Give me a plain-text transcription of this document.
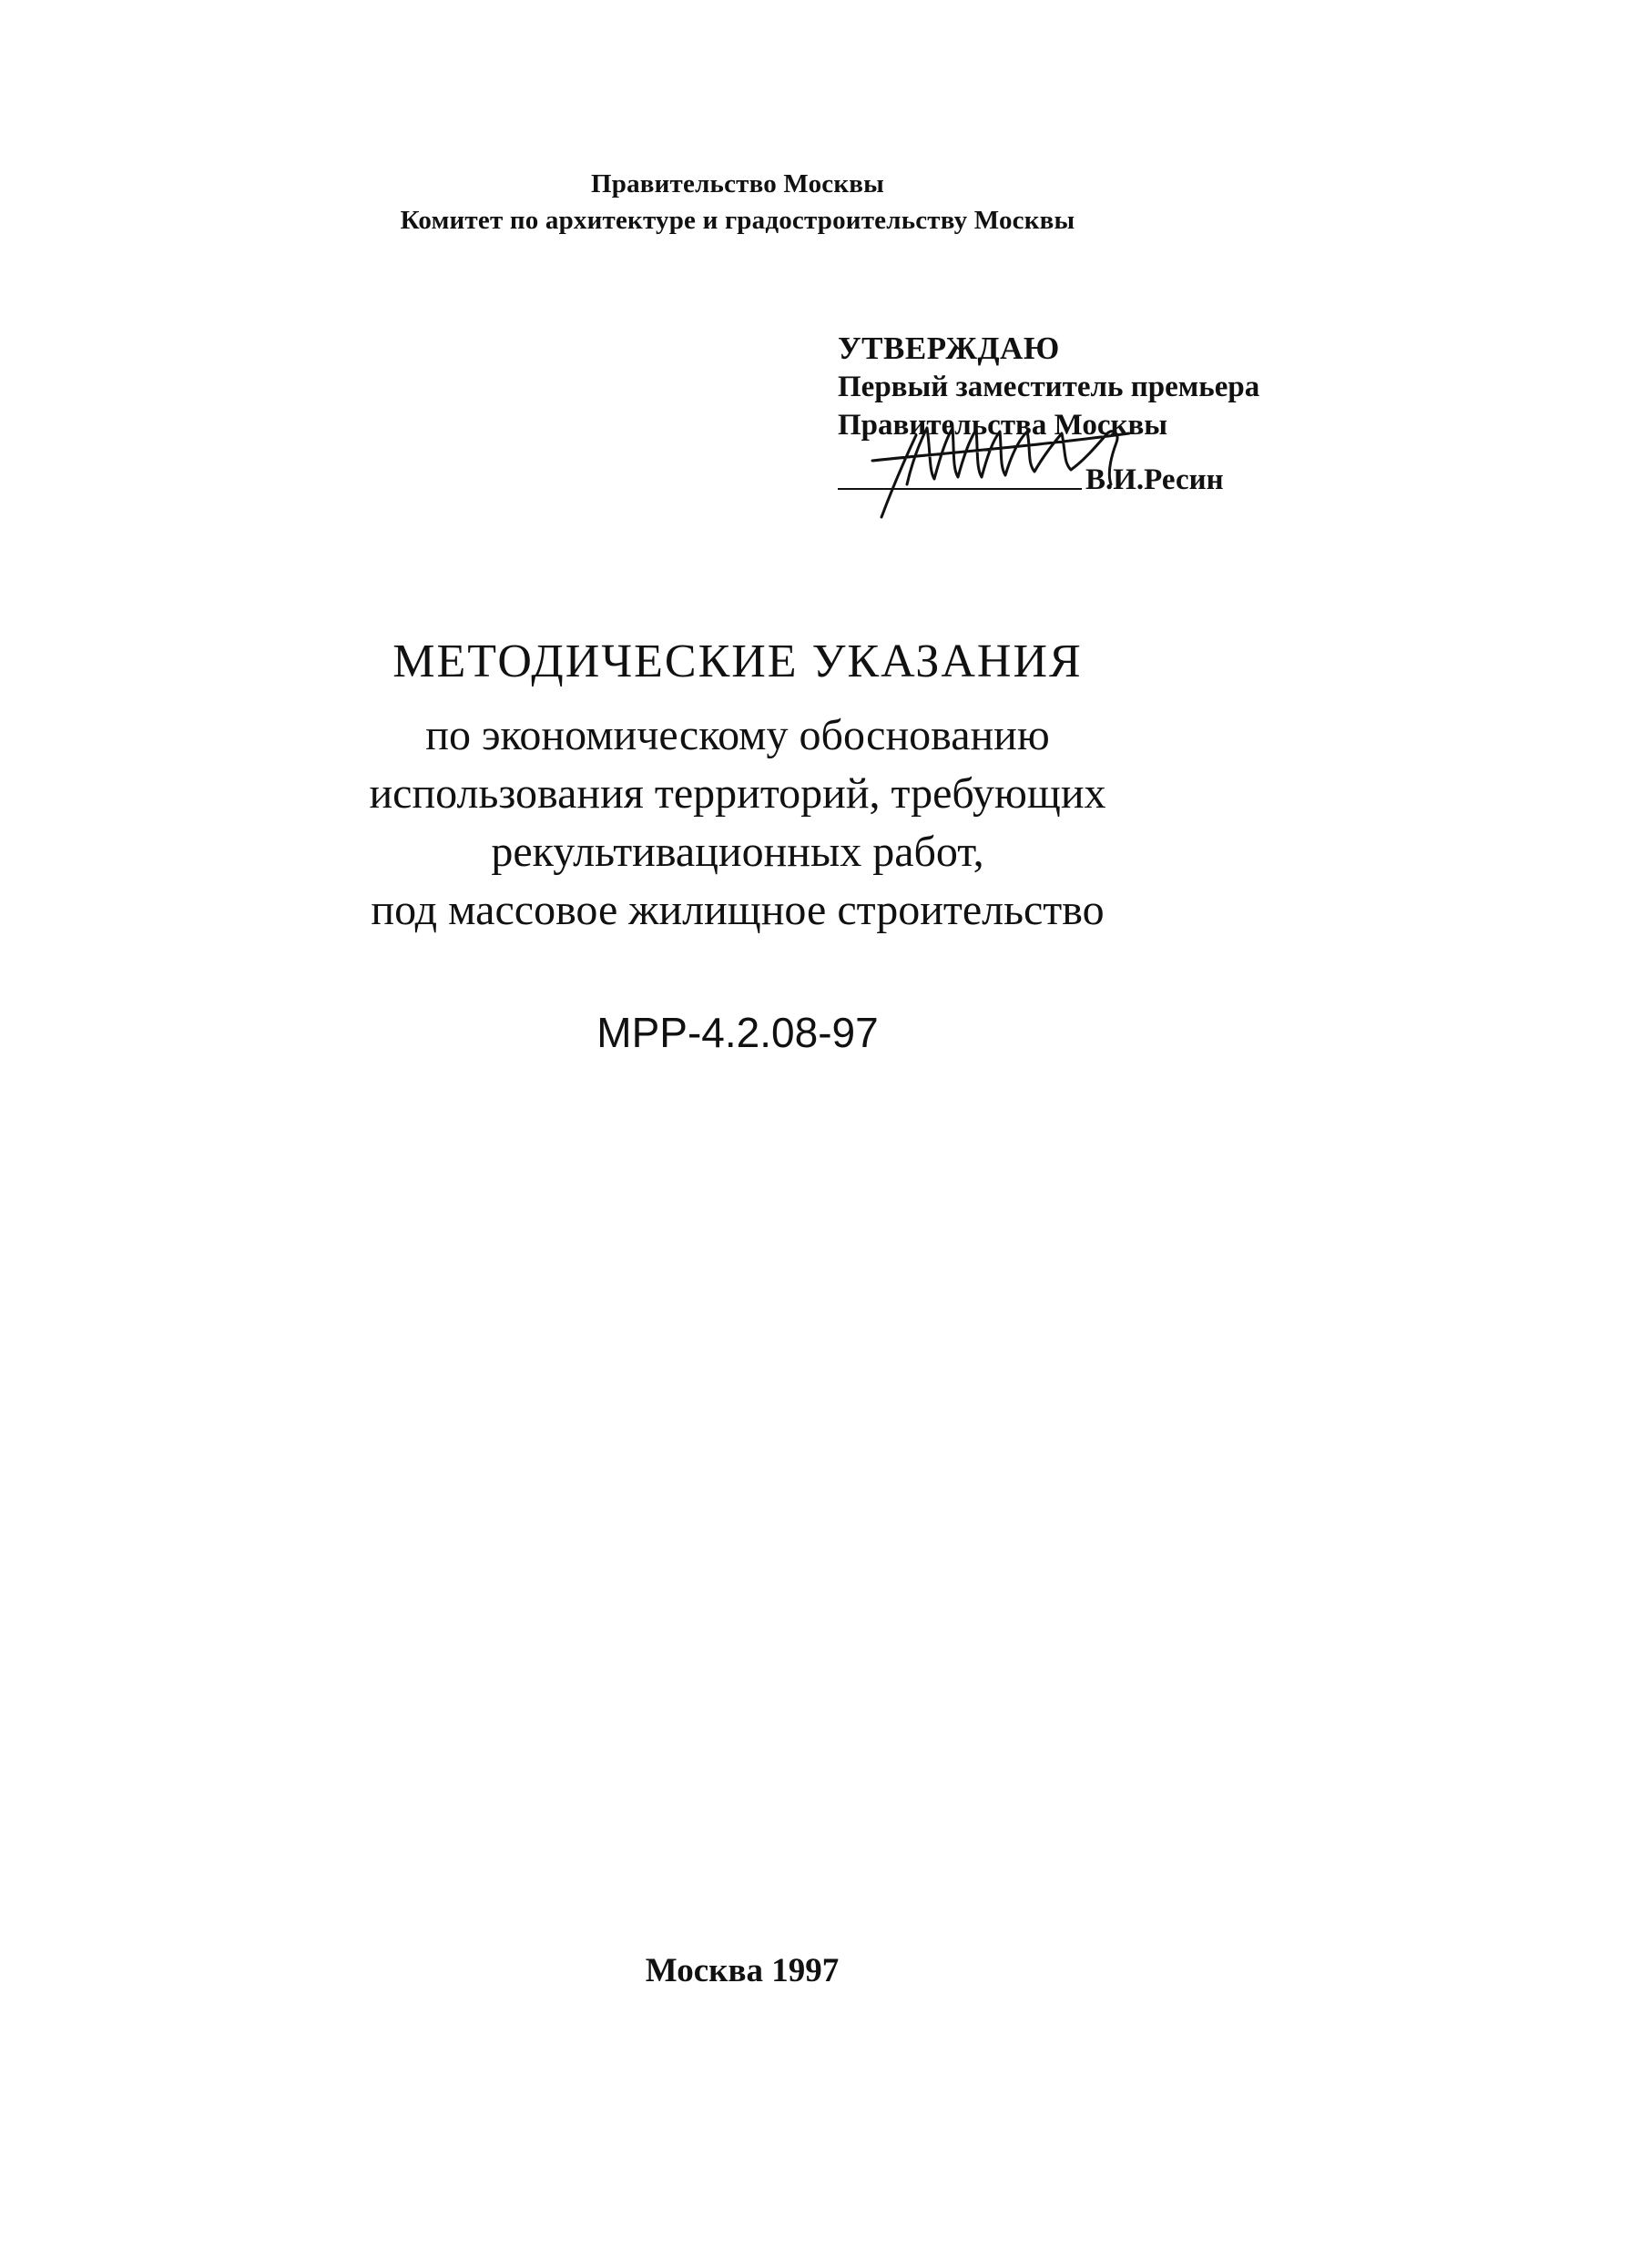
Правительство Москвы
Комитет по архитектуре и градостроительству Москвы
УТВЕРЖДАЮ
Первый заместитель премьера
Правительства Москвы
В.И.Ресин
МЕТОДИЧЕСКИЕ УКАЗАНИЯ
по экономическому обоснованию
использования территорий, требующих
рекультивационных работ,
под массовое жилищное строительство
МРР-4.2.08-97
Москва 1997
